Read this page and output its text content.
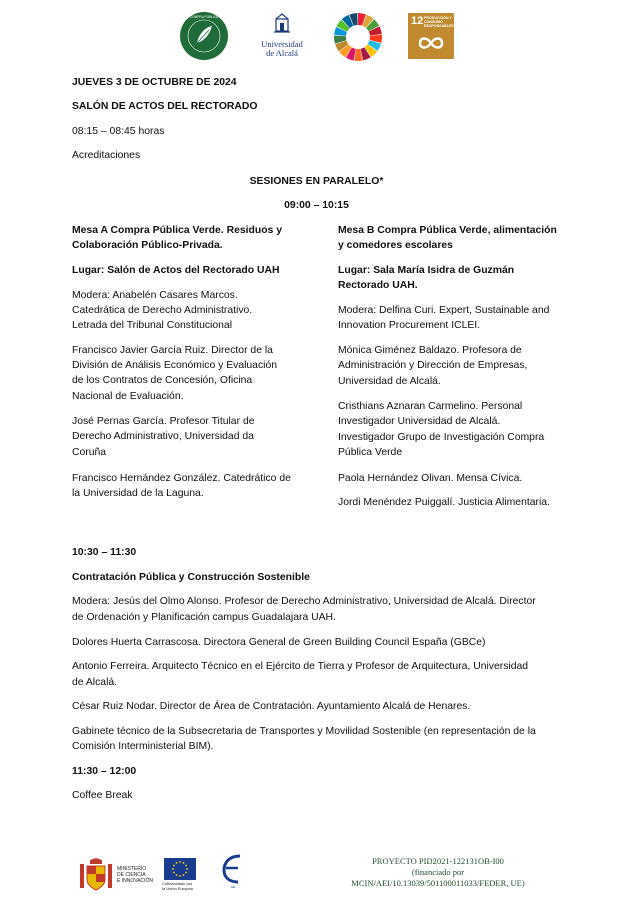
COMPRA PÚBLICA
Universidad
de Alcalá
12 PRODUCCIÓN Y CONSUMO RESPONSABLES
JUEVES 3 DE OCTUBRE DE 2024
SALÓN DE ACTOS DEL RECTORADO
08:15 – 08:45 horas
Acreditaciones
SESIONES EN PARALELO*
09:00 – 10:15
Mesa A Compra Pública Verde. Residuos y
Colaboración Público-Privada.
Lugar: Salón de Actos del Rectorado UAH
Modera: Anabelén Casares Marcos.
Catedrática de Derecho Administrativo.
Letrada del Tribunal Constitucional
Francisco Javier García Ruiz. Director de la
División de Análisis Económico y Evaluación
de los Contratos de Concesión, Oficina
Nacional de Evaluación.
José Pernas García. Profesor Titular de
Derecho Administrativo, Universidad da
Coruña
Francisco Hernández González. Catedrático de
la Universidad de la Laguna.
Mesa B Compra Pública Verde, alimentación
y comedores escolares
Lugar: Sala María Isidra de Guzmán
Rectorado UAH.
Modera: Delfina Curi. Expert, Sustainable and
Innovation Procurement ICLEI.
Mónica Giménez Baldazo. Profesora de
Administración y Dirección de Empresas,
Universidad de Alcalá.
Cristhians Aznaran Carmelino. Personal
Investigador Universidad de Alcalá.
Investigador Grupo de Investigación Compra
Pública Verde
Paola Hernández Olivan. Mensa Cívica.
Jordi Menéndez Puiggalí. Justicia Alimentaria.
10:30 – 11:30
Contratación Pública y Construcción Sostenible
Modera: Jesús del Olmo Alonso. Profesor de Derecho Administrativo, Universidad de Alcalá. Director
de Ordenación y Planificación campus Guadalajara UAH.
Dolores Huerta Carrascosa. Directora General de Green Building Council España (GBCe)
Antonio Ferreira. Arquitecto Técnico en el Ejército de Tierra y Profesor de Arquitectura, Universidad
de Alcalá.
César Ruiz Nodar. Director de Área de Contratación. Ayuntamiento Alcalá de Henares.
Gabinete técnico de la Subsecretaria de Transportes y Movilidad Sostenible (en representación de la
Comisión Interministerial BIM).
11:30 – 12:00
Coffee Break
MINISTERIO
DE CIENCIA
E INNOVACIÓN Cofinanciado por
la Unión Europea	AEI
PROYECTO PID2021-122131OB-I00
(financiado por
MCIN/AEI/10.13039/501100011033/FEDER, UE)
